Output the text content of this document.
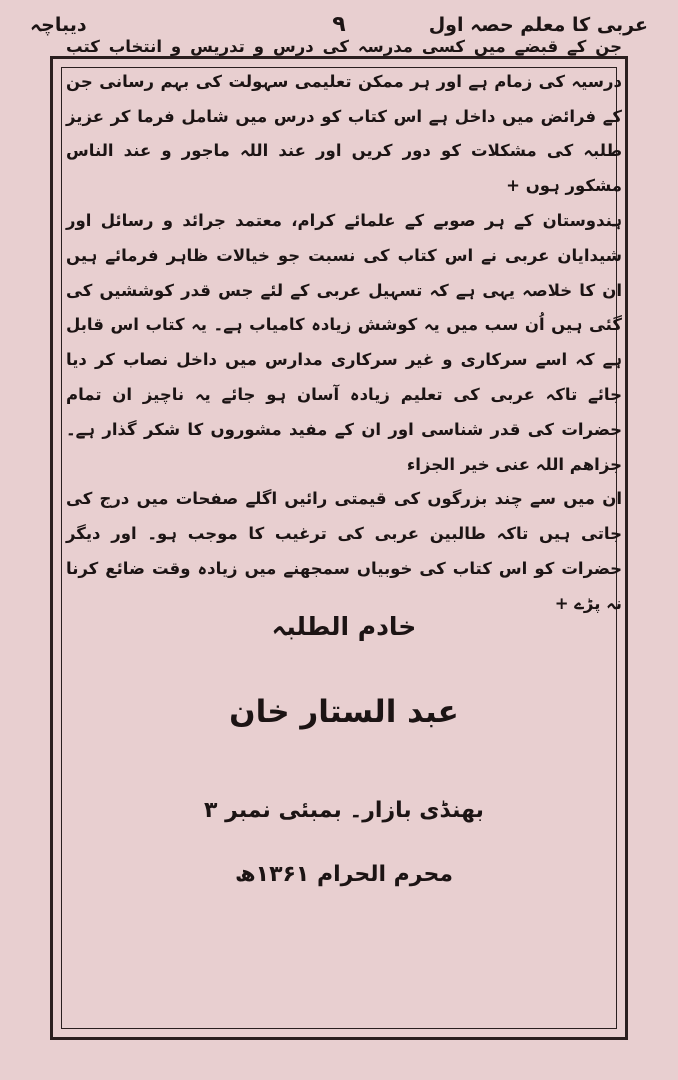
عربی کا معلم حصہ اول
۹
دیباچہ

جن کے قبضے میں کسی مدرسہ کی درس و تدریس و انتخاب کتب درسیہ کی زمام ہے اور ہر ممکن تعلیمی سہولت کی بہم رسانی جن کے فرائض میں داخل ہے اس کتاب کو درس میں شامل فرما کر عزیز طلبہ کی مشکلات کو دور کریں اور عند اللہ ماجور و عند الناس مشکور ہوں +

ہندوستان کے ہر صوبے کے علمائے کرام، معتمد جرائد و رسائل اور شیدایان عربی نے اس کتاب کی نسبت جو خیالات ظاہر فرمائے ہیں ان کا خلاصہ یہی ہے کہ تسہیل عربی کے لئے جس قدر کوششیں کی گئی ہیں اُن سب میں یہ کوشش زیادہ کامیاب ہے۔ یہ کتاب اس قابل ہے کہ اسے سرکاری و غیر سرکاری مدارس میں داخل نصاب کر دیا جائے تاکہ عربی کی تعلیم زیادہ آسان ہو جائے یہ ناچیز ان تمام حضرات کی قدر شناسی اور ان کے مفید مشوروں کا شکر گذار ہے۔ جزاھم اللہ عنی خیر الجزاء

ان میں سے چند بزرگوں کی قیمتی رائیں اگلے صفحات میں درج کی جاتی ہیں تاکہ طالبین عربی کی ترغیب کا موجب ہو۔ اور دیگر حضرات کو اس کتاب کی خوبیاں سمجھنے میں زیادہ وقت ضائع کرنا نہ پڑے +

خادم الطلبہ
عبد الستار خان
بھنڈی بازار۔ بمبئی نمبر ۳
محرم الحرام ۱۳۶۱ھ
